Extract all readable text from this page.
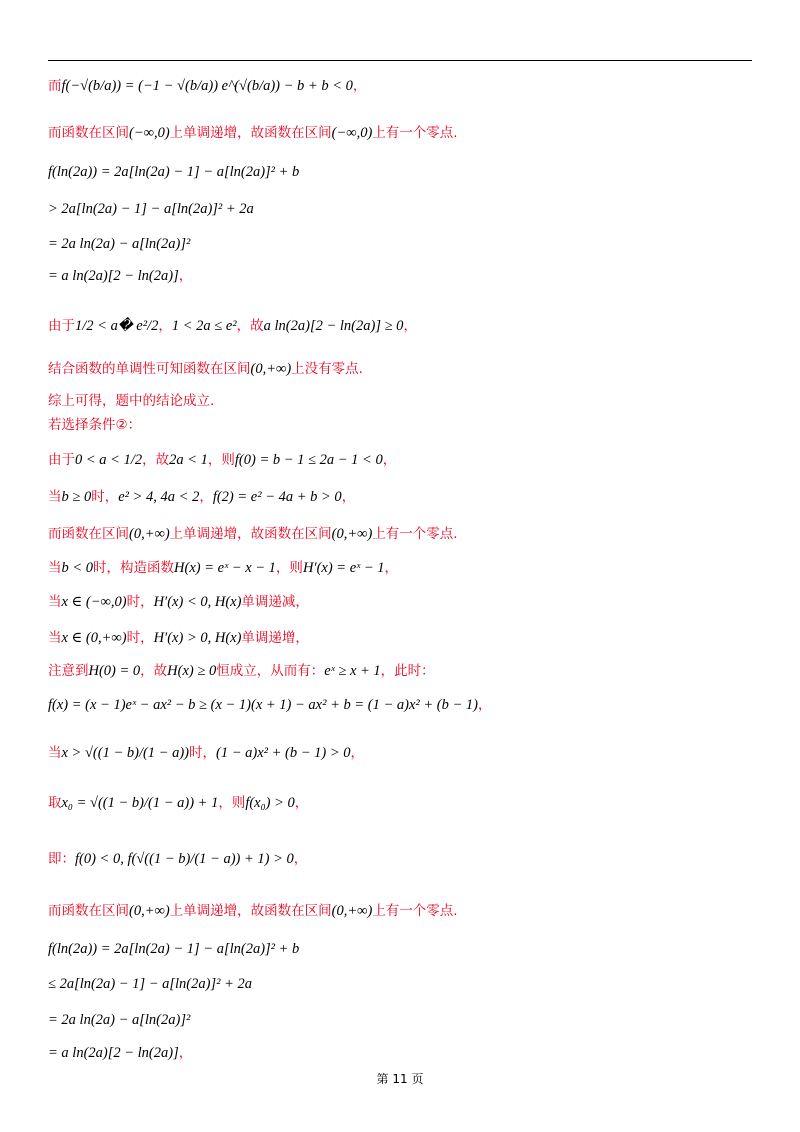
而f(−√(b/a)) = (−1 − √(b/a)) e^(√(b/a)) − b + b < 0，
而函数在区间(−∞,0)上单调递增，故函数在区间(−∞,0)上有一个零点.
f(ln(2a)) = 2a[ln(2a) − 1] − a[ln(2a)]² + b
> 2a[ln(2a) − 1] − a[ln(2a)]² + 2a
= 2a ln(2a) − a[ln(2a)]²
= a ln(2a)[2 − ln(2a)]，
由于1/2 < a� e²/2，1 < 2a ≤ e²，故a ln(2a)[2 − ln(2a)] ≥ 0，
结合函数的单调性可知函数在区间(0,+∞)上没有零点.
综上可得，题中的结论成立.
若选择条件②：
由于0 < a < 1/2，故2a < 1，则f(0) = b − 1 ≤ 2a − 1 < 0，
当b ≥ 0时，e² > 4, 4a < 2，f(2) = e² − 4a + b > 0，
而函数在区间(0,+∞)上单调递增，故函数在区间(0,+∞)上有一个零点.
当b < 0时，构造函数H(x) = eˣ − x − 1，则H′(x) = eˣ − 1，
当x ∈ (−∞,0)时，H′(x) < 0, H(x)单调递减，
当x ∈ (0,+∞)时，H′(x) > 0, H(x)单调递增，
注意到H(0) = 0，故H(x) ≥ 0恒成立，从而有：eˣ ≥ x + 1，此时：
f(x) = (x − 1)eˣ − ax² − b ≥ (x − 1)(x + 1) − ax² + b = (1 − a)x² + (b − 1)，
当x > √((1 − b)/(1 − a))时，(1 − a)x² + (b − 1) > 0，
取x₀ = √((1 − b)/(1 − a)) + 1，则f(x₀) > 0，
即：f(0) < 0, f(√((1 − b)/(1 − a)) + 1) > 0，
而函数在区间(0,+∞)上单调递增，故函数在区间(0,+∞)上有一个零点.
f(ln(2a)) = 2a[ln(2a) − 1] − a[ln(2a)]² + b
≤ 2a[ln(2a) − 1] − a[ln(2a)]² + 2a
= 2a ln(2a) − a[ln(2a)]²
= a ln(2a)[2 − ln(2a)]，
第 11 页
